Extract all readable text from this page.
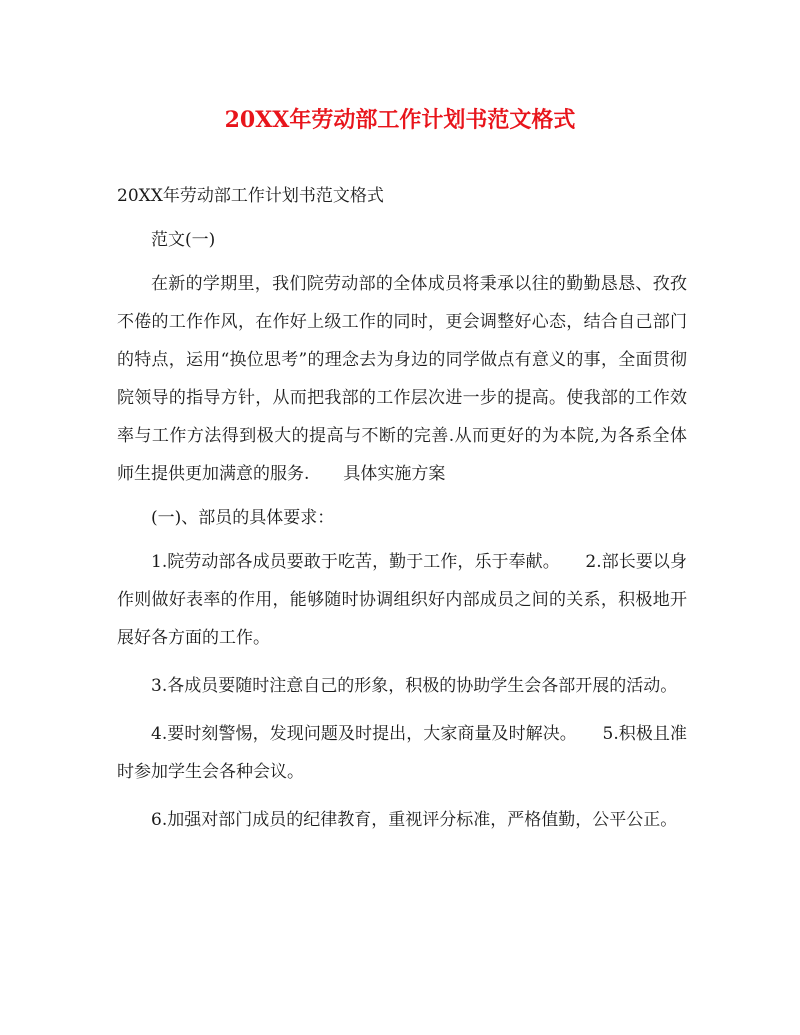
20XX年劳动部工作计划书范文格式

20XX年劳动部工作计划书范文格式

范文(一)

在新的学期里，我们院劳动部的全体成员将秉承以往的勤勤恳恳、孜孜不倦的工作作风，在作好上级工作的同时，更会调整好心态，结合自己部门的特点，运用“换位思考”的理念去为身边的同学做点有意义的事，全面贯彻院领导的指导方针，从而把我部的工作层次进一步的提高。使我部的工作效率与工作方法得到极大的提高与不断的完善.从而更好的为本院,为各系全体师生提供更加满意的服务.　　具体实施方案

(一)、部员的具体要求：

1.院劳动部各成员要敢于吃苦，勤于工作，乐于奉献。　　2.部长要以身作则做好表率的作用，能够随时协调组织好内部成员之间的关系，积极地开展好各方面的工作。

3.各成员要随时注意自己的形象，积极的协助学生会各部开展的活动。

4.要时刻警惕，发现问题及时提出，大家商量及时解决。　　5.积极且准时参加学生会各种会议。

6.加强对部门成员的纪律教育，重视评分标准，严格值勤，公平公正。
